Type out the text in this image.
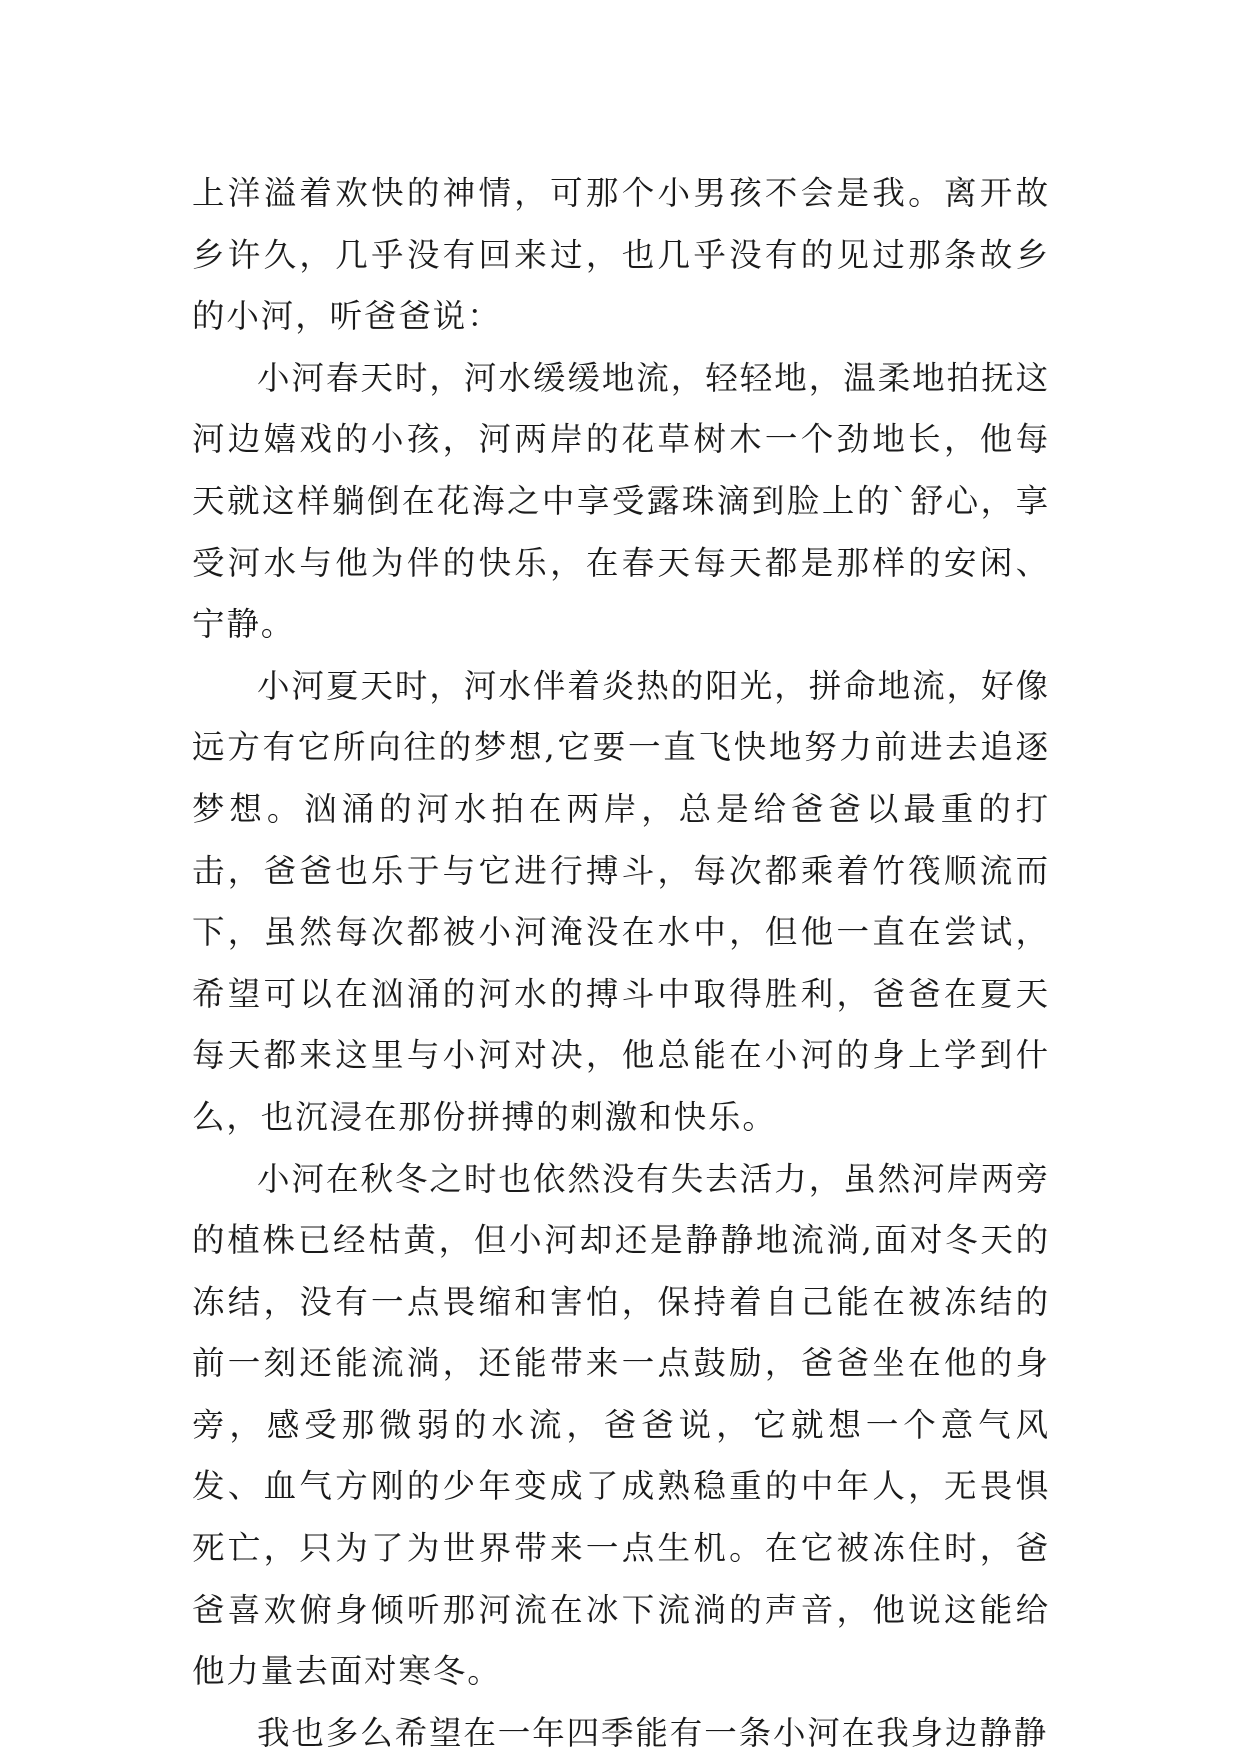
上洋溢着欢快的神情，可那个小男孩不会是我。离开故乡许久，几乎没有回来过，也几乎没有的见过那条故乡的小河，听爸爸说：

小河春天时，河水缓缓地流，轻轻地，温柔地拍抚这河边嬉戏的小孩，河两岸的花草树木一个劲地长，他每天就这样躺倒在花海之中享受露珠滴到脸上的`舒心，享受河水与他为伴的快乐，在春天每天都是那样的安闲、宁静。

小河夏天时，河水伴着炎热的阳光，拼命地流，好像远方有它所向往的梦想,它要一直飞快地努力前进去追逐梦想。汹涌的河水拍在两岸，总是给爸爸以最重的打击，爸爸也乐于与它进行搏斗，每次都乘着竹筏顺流而下，虽然每次都被小河淹没在水中，但他一直在尝试，希望可以在汹涌的河水的搏斗中取得胜利，爸爸在夏天每天都来这里与小河对决，他总能在小河的身上学到什么，也沉浸在那份拼搏的刺激和快乐。

小河在秋冬之时也依然没有失去活力，虽然河岸两旁的植株已经枯黄，但小河却还是静静地流淌,面对冬天的冻结，没有一点畏缩和害怕，保持着自己能在被冻结的前一刻还能流淌，还能带来一点鼓励，爸爸坐在他的身旁，感受那微弱的水流，爸爸说，它就想一个意气风发、血气方刚的少年变成了成熟稳重的中年人，无畏惧死亡，只为了为世界带来一点生机。在它被冻住时，爸爸喜欢俯身倾听那河流在冰下流淌的声音，他说这能给他力量去面对寒冬。

我也多么希望在一年四季能有一条小河在我身边静静
